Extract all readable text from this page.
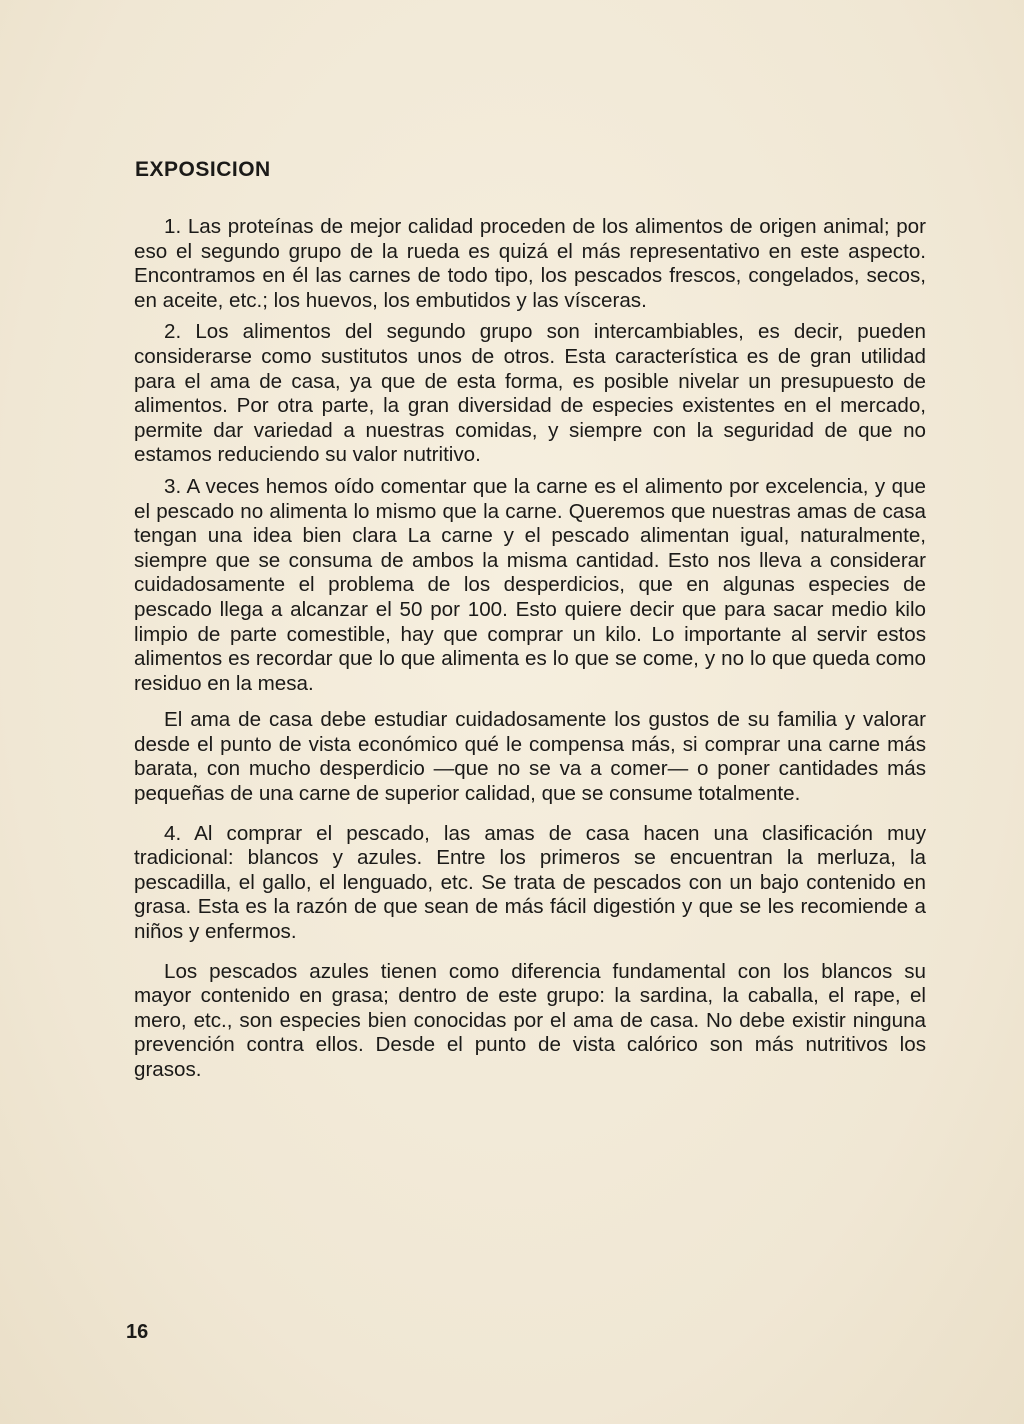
EXPOSICION

1. Las proteínas de mejor calidad proceden de los alimentos de origen animal; por eso el segundo grupo de la rueda es quizá el más representativo en este aspecto. Encontramos en él las carnes de todo tipo, los pescados frescos, congelados, secos, en aceite, etc.; los huevos, los embutidos y las vísceras.

2. Los alimentos del segundo grupo son intercambiables, es decir, pueden considerarse como sustitutos unos de otros. Esta característica es de gran utilidad para el ama de casa, ya que de esta forma, es posible nivelar un presupuesto de alimentos. Por otra parte, la gran diversidad de especies existentes en el mercado, permite dar variedad a nuestras comidas, y siempre con la seguridad de que no estamos reduciendo su valor nutritivo.

3. A veces hemos oído comentar que la carne es el alimento por excelencia, y que el pescado no alimenta lo mismo que la carne. Queremos que nuestras amas de casa tengan una idea bien clara La carne y el pescado alimentan igual, naturalmente, siempre que se consuma de ambos la misma cantidad. Esto nos lleva a considerar cuidadosamente el problema de los desperdicios, que en algunas especies de pescado llega a alcanzar el 50 por 100. Esto quiere decir que para sacar medio kilo limpio de parte comestible, hay que comprar un kilo. Lo importante al servir estos alimentos es recordar que lo que alimenta es lo que se come, y no lo que queda como residuo en la mesa.

El ama de casa debe estudiar cuidadosamente los gustos de su familia y valorar desde el punto de vista económico qué le compensa más, si comprar una carne más barata, con mucho desperdicio —que no se va a comer— o poner cantidades más pequeñas de una carne de superior calidad, que se consume totalmente.

4. Al comprar el pescado, las amas de casa hacen una clasificación muy tradicional: blancos y azules. Entre los primeros se encuentran la merluza, la pescadilla, el gallo, el lenguado, etc. Se trata de pescados con un bajo contenido en grasa. Esta es la razón de que sean de más fácil digestión y que se les recomiende a niños y enfermos.

Los pescados azules tienen como diferencia fundamental con los blancos su mayor contenido en grasa; dentro de este grupo: la sardina, la caballa, el rape, el mero, etc., son especies bien conocidas por el ama de casa. No debe existir ninguna prevención contra ellos. Desde el punto de vista calórico son más nutritivos los grasos.

16
